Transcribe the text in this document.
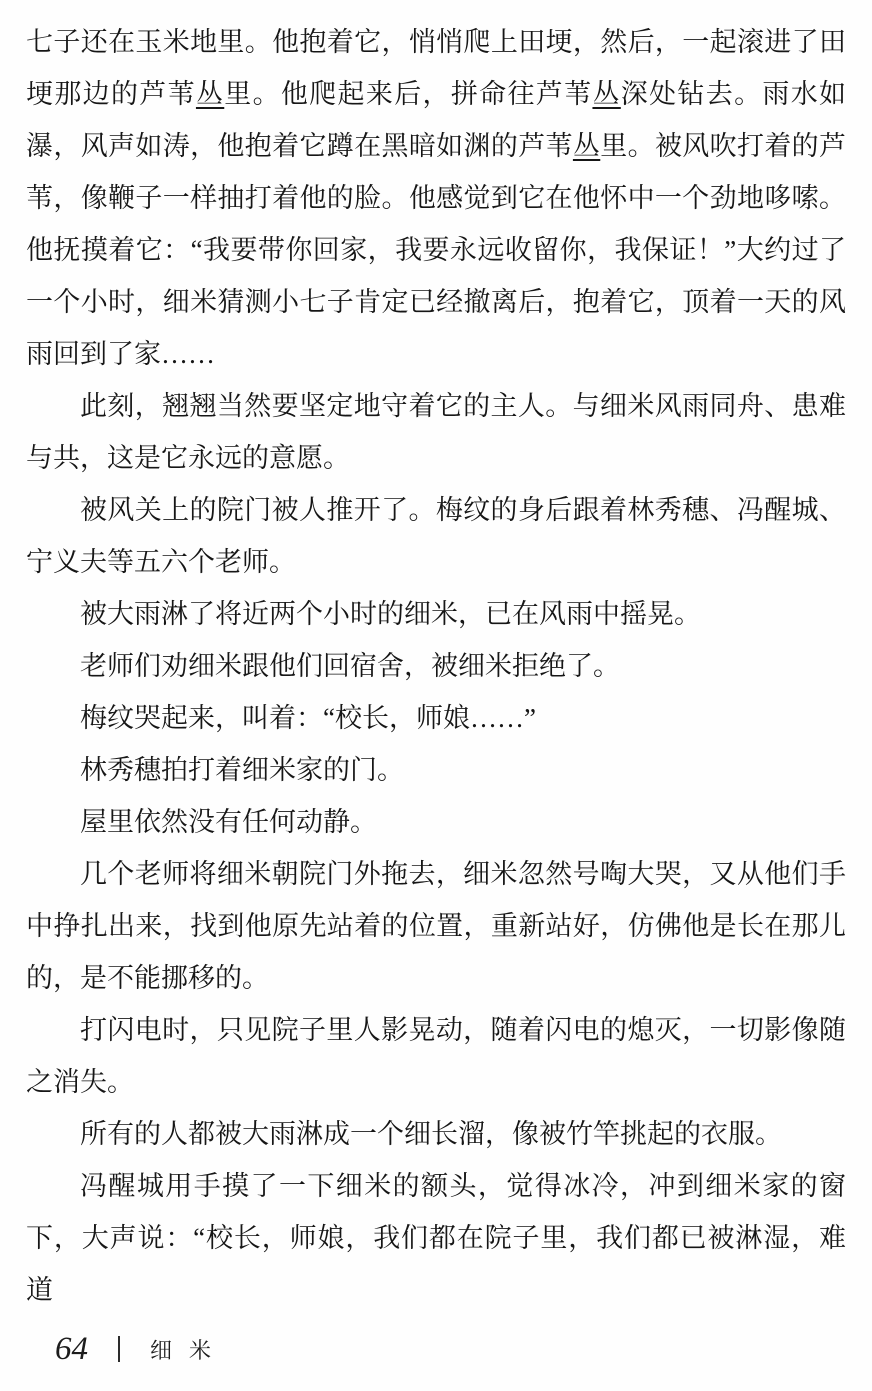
七子还在玉米地里。他抱着它，悄悄爬上田埂，然后，一起滚进了田埂那边的芦苇丛里。他爬起来后，拼命往芦苇丛深处钻去。雨水如瀑，风声如涛，他抱着它蹲在黑暗如渊的芦苇丛里。被风吹打着的芦苇，像鞭子一样抽打着他的脸。他感觉到它在他怀中一个劲地哆嗦。他抚摸着它：“我要带你回家，我要永远收留你，我保证！”大约过了一个小时，细米猜测小七子肯定已经撤离后，抱着它，顶着一天的风雨回到了家……

此刻，翘翘当然要坚定地守着它的主人。与细米风雨同舟、患难与共，这是它永远的意愿。

被风关上的院门被人推开了。梅纹的身后跟着林秀穗、冯醒城、宁义夫等五六个老师。

被大雨淋了将近两个小时的细米，已在风雨中摇晃。

老师们劝细米跟他们回宿舍，被细米拒绝了。

梅纹哭起来，叫着：“校长，师娘……”

林秀穗拍打着细米家的门。

屋里依然没有任何动静。

几个老师将细米朝院门外拖去，细米忽然号啕大哭，又从他们手中挣扎出来，找到他原先站着的位置，重新站好，仿佛他是长在那儿的，是不能挪移的。

打闪电时，只见院子里人影晃动，随着闪电的熄灭，一切影像随之消失。

所有的人都被大雨淋成一个细长溜，像被竹竿挑起的衣服。

冯醒城用手摸了一下细米的额头，觉得冰冷，冲到细米家的窗下，大声说：“校长，师娘，我们都在院子里，我们都已被淋湿，难道

64	细米
